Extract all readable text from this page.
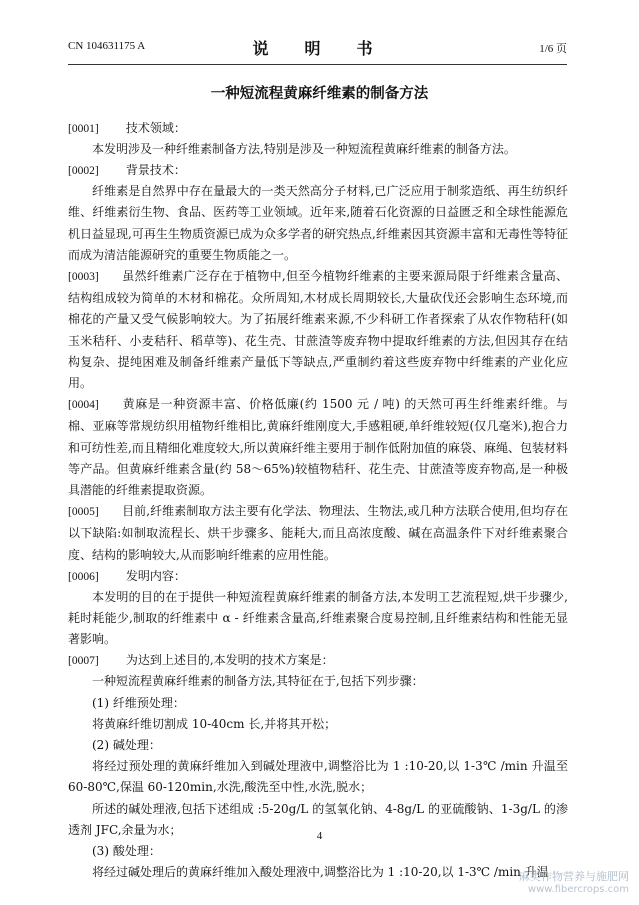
CN 104631175 A	说　明　书	1/6 页
一种短流程黄麻纤维素的制备方法
[0001] 技术领域：

本发明涉及一种纤维素制备方法,特别是涉及一种短流程黄麻纤维素的制备方法。

[0002] 背景技术：

纤维素是自然界中存在量最大的一类天然高分子材料,已广泛应用于制浆造纸、再生纺织纤维、纤维素衍生物、食品、医药等工业领域。近年来,随着石化资源的日益匮乏和全球性能源危机日益显现,可再生生物质资源已成为众多学者的研究热点,纤维素因其资源丰富和无毒性等特征而成为清洁能源研究的重要生物质能之一。

[0003] 虽然纤维素广泛存在于植物中,但至今植物纤维素的主要来源局限于纤维素含量高、结构组成较为简单的木材和棉花。众所周知,木材成长周期较长,大量砍伐还会影响生态环境,而棉花的产量又受气候影响较大。为了拓展纤维素来源,不少科研工作者探索了从农作物秸秆(如　玉米秸秆、小麦秸秆、稻草等)、花生壳、甘蔗渣等废弃物中提取纤维素的方法,但因其存在结构复杂、提纯困难及制备纤维素产量低下等缺点,严重制约着这些废弃物中纤维素的产业化应用。

[0004] 黄麻是一种资源丰富、价格低廉(约 1500 元 / 吨) 的天然可再生纤维素纤维。与棉、亚麻等常规纺织用植物纤维相比,黄麻纤维刚度大,手感粗硬,单纤维较短(仅几毫米),抱合力和可纺性差,而且精细化难度较大,所以黄麻纤维主要用于制作低附加值的麻袋、麻绳、包装材料等产品。但黄麻纤维素含量(约 58～65%)较植物秸秆、花生壳、甘蔗渣等废弃物高,是一种极具潜能的纤维素提取资源。

[0005] 目前,纤维素制取方法主要有化学法、物理法、生物法,或几种方法联合使用,但均存在以下缺陷:如制取流程长、烘干步骤多、能耗大,而且高浓度酸、碱在高温条件下对纤维素聚合度、结构的影响较大,从而影响纤维素的应用性能。

[0006] 发明内容：

本发明的目的在于提供一种短流程黄麻纤维素的制备方法,本发明工艺流程短,烘干步骤少,耗时耗能少,制取的纤维素中 α - 纤维素含量高,纤维素聚合度易控制,且纤维素结构和性能无显著影响。

[0007] 为达到上述目的,本发明的技术方案是：

一种短流程黄麻纤维素的制备方法,其特征在于,包括下列步骤：

(1) 纤维预处理：

将黄麻纤维切割成 10-40cm 长,并将其开松；

(2) 碱处理：

将经过预处理的黄麻纤维加入到碱处理液中,调整浴比为 1 :10-20,以 1-3℃ /min 升温至 60-80℃,保温 60-120min,水洗,酸洗至中性,水洗,脱水；

所述的碱处理液,包括下述组成 :5-20g/L 的氢氧化钠、4-8g/L 的亚硫酸钠、1-3g/L 的渗透剂 JFC,余量为水；

(3) 酸处理：

将经过碱处理后的黄麻纤维加入酸处理液中,调整浴比为 1 :10-20,以 1-3℃ /min 升温

4
麻类作物营养与施肥网
www.fibercrops.com
